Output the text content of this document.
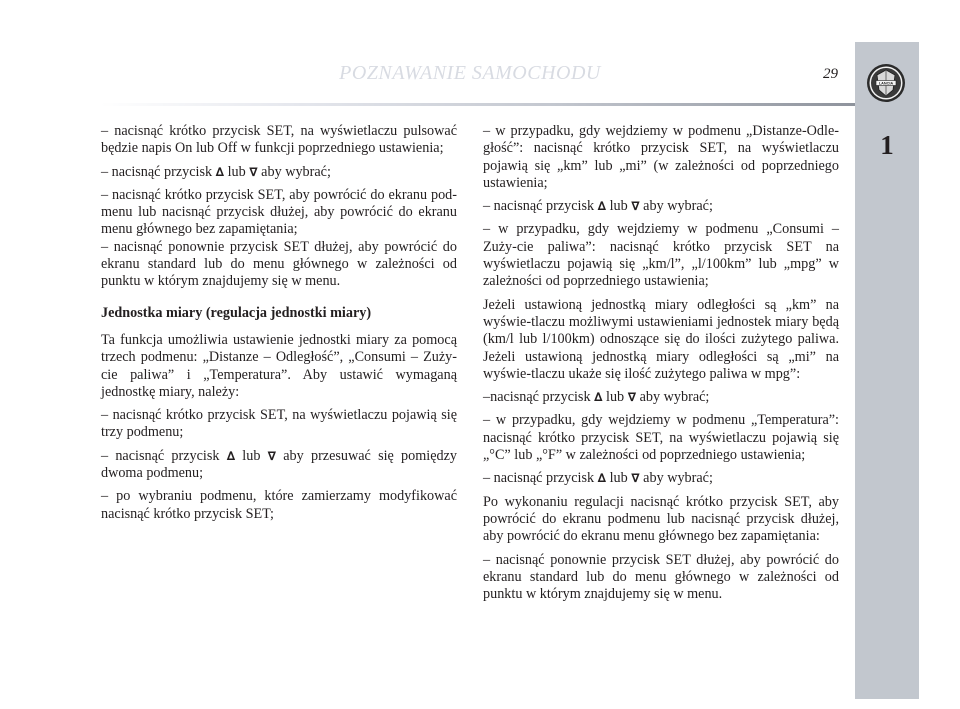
POZNAWANIE SAMOCHODU	29
LANCIA
1

– nacisnąć krótko przycisk SET, na wyświetlaczu pulsować będzie napis On lub Off w funkcji poprzedniego ustawienia;

– nacisnąć przycisk ∆ lub ∇ aby wybrać;

– nacisnąć krótko przycisk SET, aby powrócić do ekranu pod-menu lub nacisnąć przycisk dłużej, aby powrócić do ekranu menu głównego bez zapamiętania;

– nacisnąć ponownie przycisk SET dłużej, aby powrócić do ekranu standard lub do menu głównego w zależności od punktu w którym znajdujemy się w menu.

Jednostka miary (regulacja jednostki miary)

Ta funkcja umożliwia ustawienie jednostki miary za pomocą trzech podmenu: „Distanze – Odległość”, „Consumi – Zuży-cie paliwa” i „Temperatura”. Aby ustawić wymaganą jednostkę miary, należy:

– nacisnąć krótko przycisk SET, na wyświetlaczu pojawią się trzy podmenu;

– nacisnąć przycisk ∆ lub ∇ aby przesuwać się pomiędzy dwoma podmenu;

– po wybraniu podmenu, które zamierzamy modyfikować nacisnąć krótko przycisk SET;

– w przypadku, gdy wejdziemy w podmenu „Distanze-Odle-głość”: nacisnąć krótko przycisk SET, na wyświetlaczu pojawią się „km” lub „mi” (w zależności od poprzedniego ustawienia;

– nacisnąć przycisk ∆ lub ∇ aby wybrać;

– w przypadku, gdy wejdziemy w podmenu „Consumi – Zuży-cie paliwa”: nacisnąć krótko przycisk SET na wyświetlaczu pojawią się „km/l”, „l/100km” lub „mpg” w zależności od poprzedniego ustawienia;

Jeżeli ustawioną jednostką miary odległości są „km” na wyświe-tlaczu możliwymi ustawieniami jednostek miary będą (km/l lub l/100km) odnoszące się do ilości zużytego paliwa. Jeżeli ustawioną jednostką miary odległości są „mi” na wyświe-tlaczu ukaże się ilość zużytego paliwa w mpg”:

–nacisnąć przycisk ∆ lub ∇ aby wybrać;

– w przypadku, gdy wejdziemy w podmenu „Temperatura”: nacisnąć krótko przycisk SET, na wyświetlaczu pojawią się „°C” lub „°F” w zależności od poprzedniego ustawienia;

– nacisnąć przycisk ∆ lub ∇ aby wybrać;

Po wykonaniu regulacji nacisnąć krótko przycisk SET, aby powrócić do ekranu podmenu lub nacisnąć przycisk dłużej, aby powrócić do ekranu menu głównego bez zapamiętania:

– nacisnąć ponownie przycisk SET dłużej, aby powrócić do ekranu standard lub do menu głównego w zależności od punktu w którym znajdujemy się w menu.

carmanualsonline.info
